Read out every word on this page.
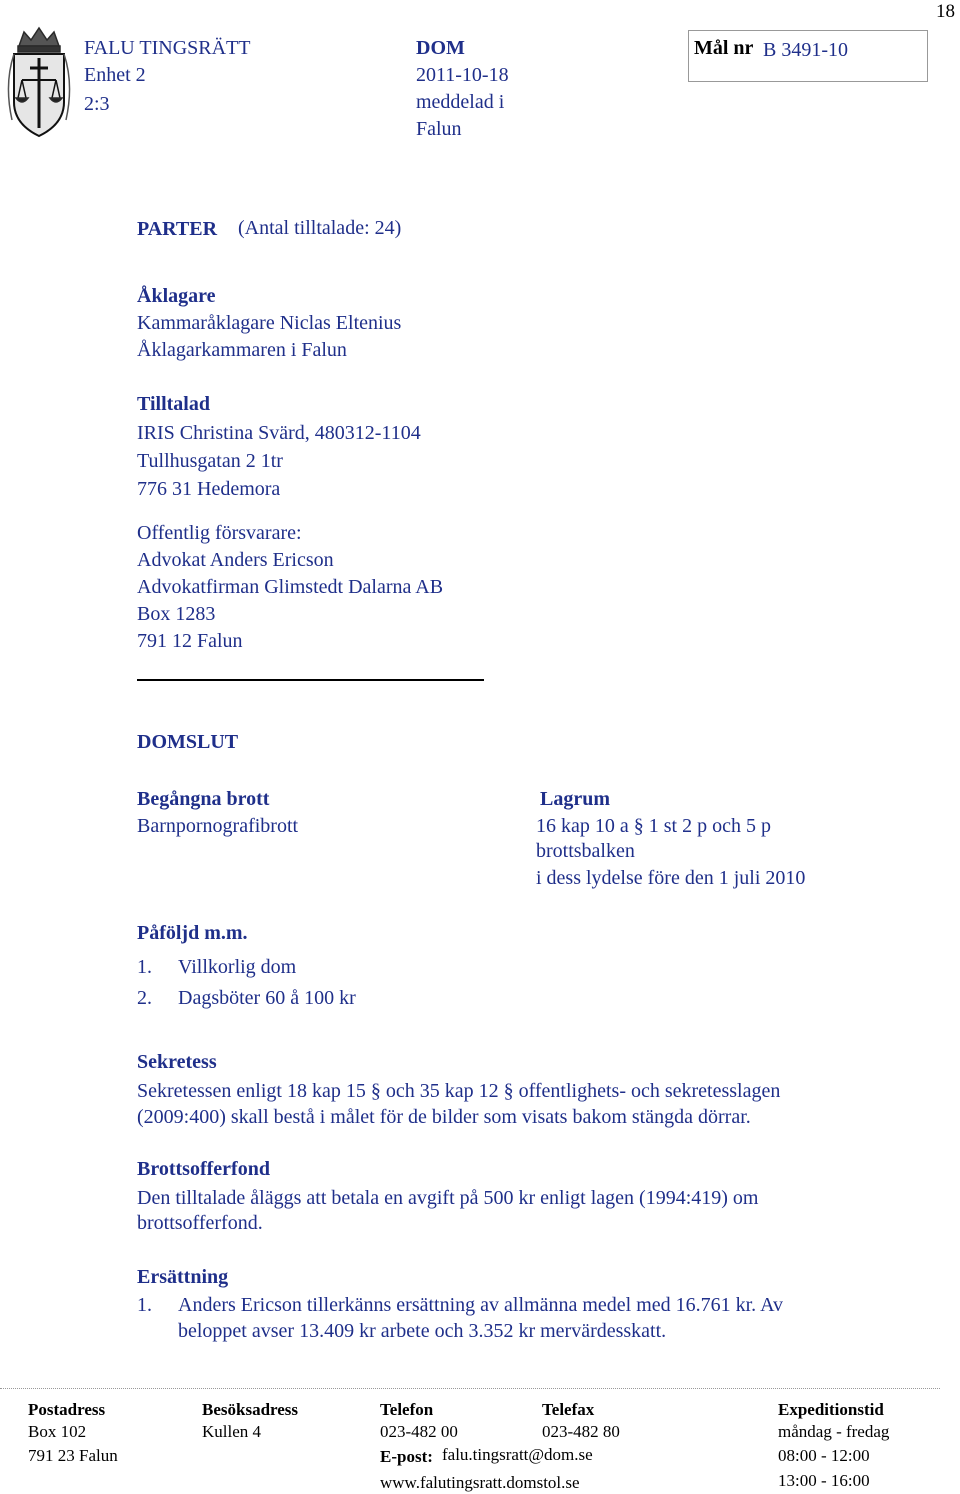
18
FALU TINGSRÄTT
Enhet 2
2:3
DOM
2011-10-18
meddelad i
Falun
Mål nr B 3491-10
PARTER (Antal tilltalade: 24)
Åklagare
Kammaråklagare Niclas Eltenius
Åklagarkammaren i Falun
Tilltalad
IRIS Christina Svärd, 480312-1104
Tullhusgatan 2 1tr
776 31 Hedemora
Offentlig försvarare:
Advokat Anders Ericson
Advokatfirman Glimstedt Dalarna AB
Box 1283
791 12 Falun
DOMSLUT
Begångna brott
Barnpornografibrott
Lagrum
16 kap 10 a § 1 st 2 p och 5 p
brottsbalken
i dess lydelse före den 1 juli 2010
Påföljd m.m.
1. Villkorlig dom
2. Dagsböter 60 å 100 kr
Sekretess
Sekretessen enligt 18 kap 15 § och 35 kap 12 § offentlighets- och sekretesslagen
(2009:400) skall bestå i målet för de bilder som visats bakom stängda dörrar.
Brottsofferfond
Den tilltalade åläggs att betala en avgift på 500 kr enligt lagen (1994:419) om
brottsofferfond.
Ersättning
1. Anders Ericson tillerkänns ersättning av allmänna medel med 16.761 kr. Av
beloppet avser 13.409 kr arbete och 3.352 kr mervärdesskatt.
Postadress
Box 102
791 23 Falun
Besöksadress
Kullen 4
Telefon
023-482 00
E-post: falu.tingsratt@dom.se
www.falutingsratt.domstol.se
Telefax
023-482 80
Expeditionstid
måndag - fredag
08:00 - 12:00
13:00 - 16:00
